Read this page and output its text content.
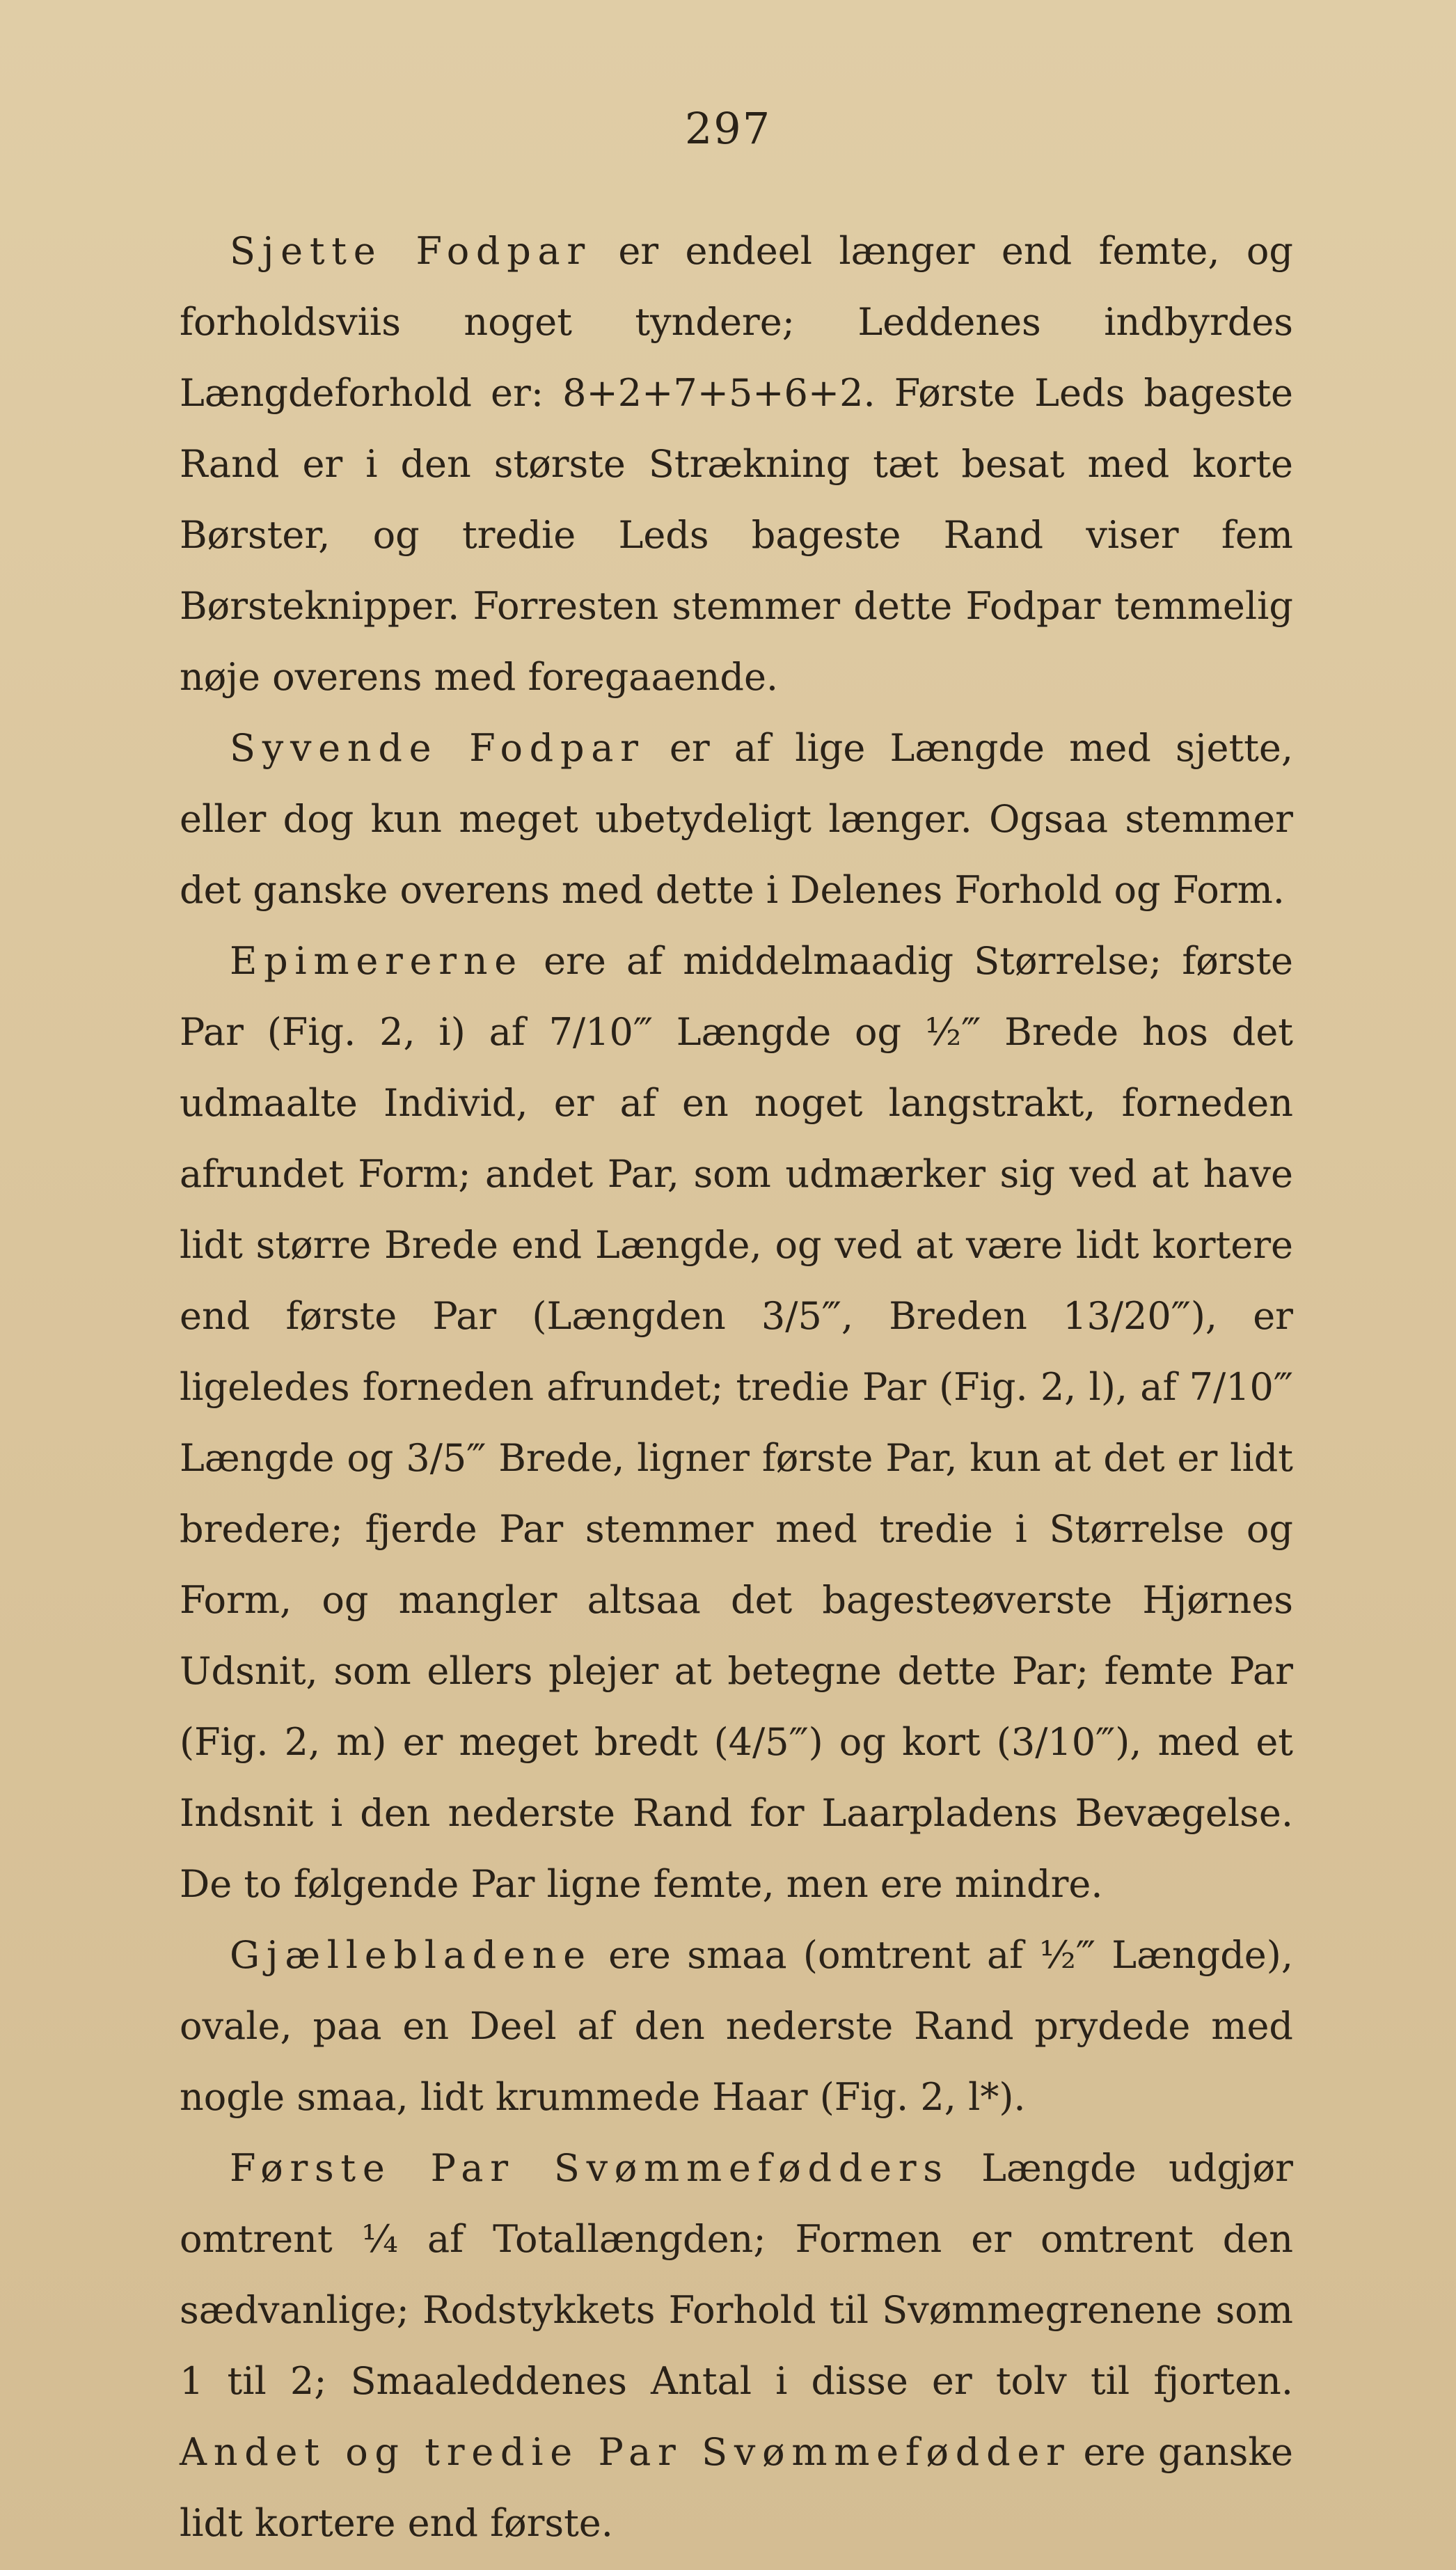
297

Sjette Fodpar er endeel længer end femte, og forholdsviis noget tyndere; Leddenes indbyrdes Længdeforhold er: 8+2+7+5+6+2. Første Leds bageste Rand er i den største Strækning tæt besat med korte Børster, og tredie Leds bageste Rand viser fem Børsteknipper. Forresten stemmer dette Fodpar temmelig nøje overens med foregaaende.

Syvende Fodpar er af lige Længde med sjette, eller dog kun meget ubetydeligt længer. Ogsaa stemmer det ganske overens med dette i Delenes Forhold og Form.

Epimererne ere af middelmaadig Størrelse; første Par (Fig. 2, i) af 7/10‴ Længde og ½‴ Brede hos det udmaalte Individ, er af en noget langstrakt, forneden afrundet Form; andet Par, som udmærker sig ved at have lidt større Brede end Længde, og ved at være lidt kortere end første Par (Længden 3/5‴, Breden 13/20‴), er ligeledes forneden afrundet; tredie Par (Fig. 2, l), af 7/10‴ Længde og 3/5‴ Brede, ligner første Par, kun at det er lidt bredere; fjerde Par stemmer med tredie i Størrelse og Form, og mangler altsaa det bagesteøverste Hjørnes Udsnit, som ellers plejer at betegne dette Par; femte Par (Fig. 2, m) er meget bredt (4/5‴) og kort (3/10‴), med et Indsnit i den nederste Rand for Laarpladens Bevægelse. De to følgende Par ligne femte, men ere mindre.

Gjællebladene ere smaa (omtrent af ½‴ Længde), ovale, paa en Deel af den nederste Rand prydede med nogle smaa, lidt krummede Haar (Fig. 2, l*).

Første Par Svømmefødders Længde udgjør omtrent ¼ af Totallængden; Formen er omtrent den sædvanlige; Rodstykkets Forhold til Svømmegrenene som 1 til 2; Smaaleddenes Antal i disse er tolv til fjorten. Andet og tredie Par Svømmefødder ere ganske lidt kortere end første.
